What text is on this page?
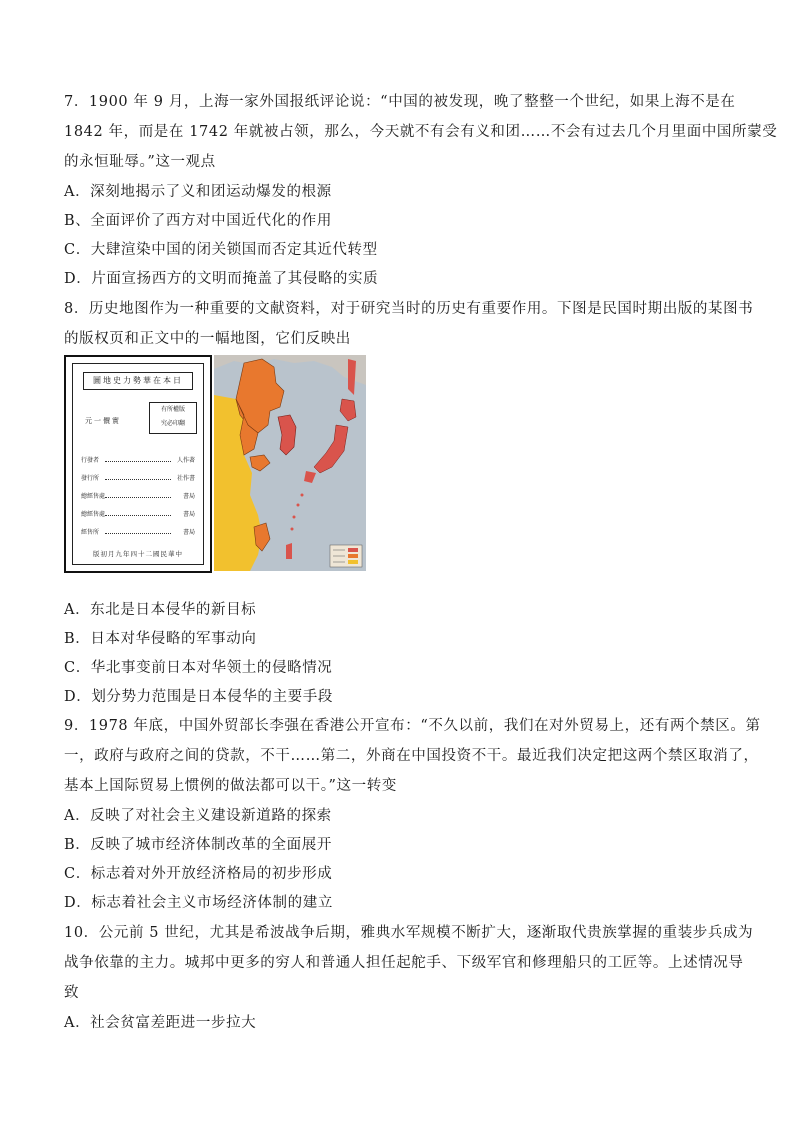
7．1900 年 9 月，上海一家外国报纸评论说：“中国的被发现，晚了整整一个世纪，如果上海不是在
1842 年，而是在 1742 年就被占领，那么，今天就不有会有义和团……不会有过去几个月里面中国所蒙受
的永恒耻辱。”这一观点
A．深刻地揭示了义和团运动爆发的根源
B、全面评价了西方对中国近代化的作用
C．大肆渲染中国的闭关锁国而否定其近代转型
D．片面宣扬西方的文明而掩盖了其侵略的实质
8．历史地图作为一种重要的文献资料，对于研究当时的历史有重要作用。下图是民国时期出版的某图书
的版权页和正文中的一幅地图，它们反映出
圖地史力勢華在本日
有所權版
究必印翻
元一價實
行發者	人作著
發行所	社作書
總經售處	書局
總經售處	書局
經售所	書局
版初月九年四十二國民華中
A．东北是日本侵华的新目标
B．日本对华侵略的军事动向
C．华北事变前日本对华领土的侵略情况
D．划分势力范围是日本侵华的主要手段
9．1978 年底，中国外贸部长李强在香港公开宣布：“不久以前，我们在对外贸易上，还有两个禁区。第
一，政府与政府之间的贷款，不干……第二，外商在中国投资不干。最近我们决定把这两个禁区取消了，
基本上国际贸易上惯例的做法都可以干。”这一转变
A．反映了对社会主义建设新道路的探索
B．反映了城市经济体制改革的全面展开
C．标志着对外开放经济格局的初步形成
D．标志着社会主义市场经济体制的建立
10．公元前 5 世纪，尤其是希波战争后期，雅典水军规模不断扩大，逐渐取代贵族掌握的重装步兵成为
战争依靠的主力。城邦中更多的穷人和普通人担任起舵手、下级军官和修理船只的工匠等。上述情况导
致
A．社会贫富差距进一步拉大
